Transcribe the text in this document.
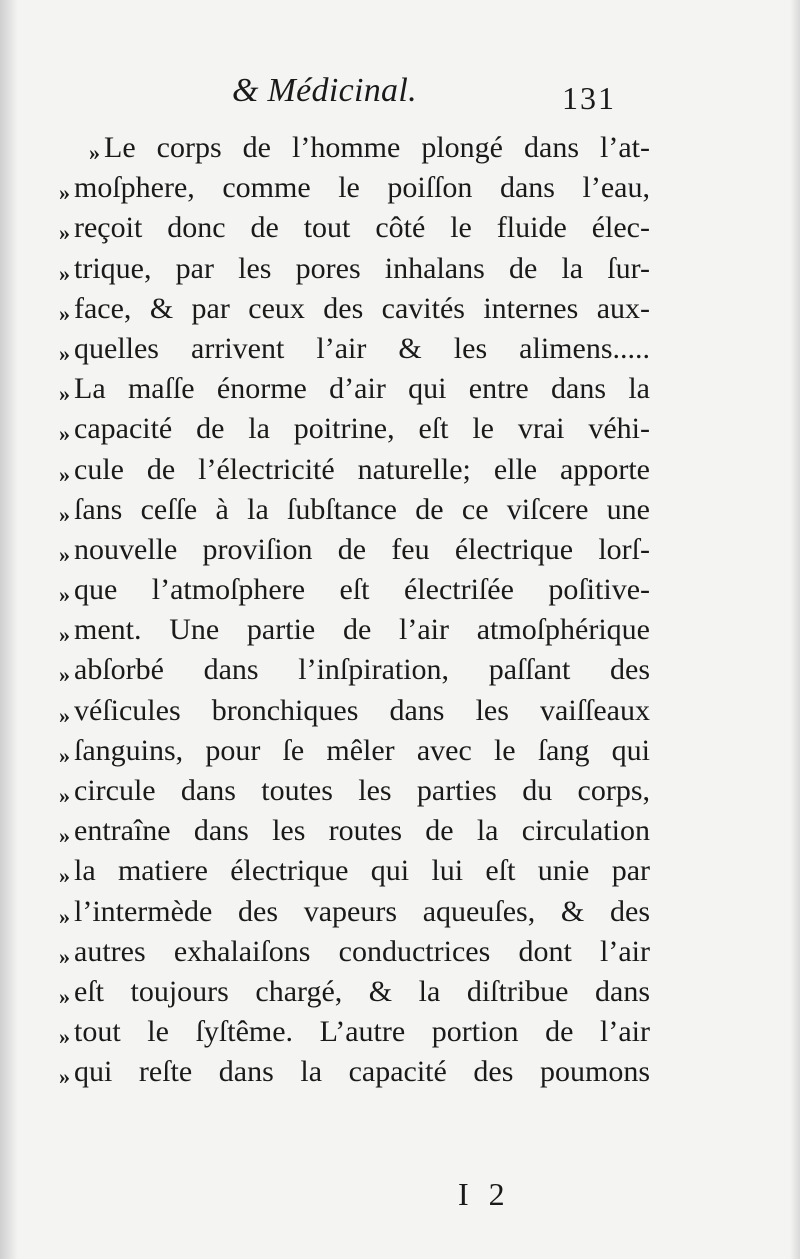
& Médicinal.	131
» Le corps de l’homme plongé dans l’at-
» moſphere, comme le poiſſon dans l’eau,
» reçoit donc de tout côté le fluide élec-
» trique, par les pores inhalans de la ſur-
» face, & par ceux des cavités internes aux-
» quelles arrivent l’air & les alimens.....
» La maſſe énorme d’air qui entre dans la
» capacité de la poitrine, eſt le vrai véhi-
» cule de l’électricité naturelle; elle apporte
» ſans ceſſe à la ſubſtance de ce viſcere une
» nouvelle proviſion de feu électrique lorſ-
» que l’atmoſphere eſt électriſée poſitive-
» ment. Une partie de l’air atmoſphérique
» abſorbé dans l’inſpiration, paſſant des
» véſicules bronchiques dans les vaiſſeaux
» ſanguins, pour ſe mêler avec le ſang qui
» circule dans toutes les parties du corps,
» entraîne dans les routes de la circulation
» la matiere électrique qui lui eſt unie par
» l’intermède des vapeurs aqueuſes, & des
» autres exhalaiſons conductrices dont l’air
» eſt toujours chargé, & la diſtribue dans
» tout le ſyſtême. L’autre portion de l’air
» qui reſte dans la capacité des poumons
I 2
